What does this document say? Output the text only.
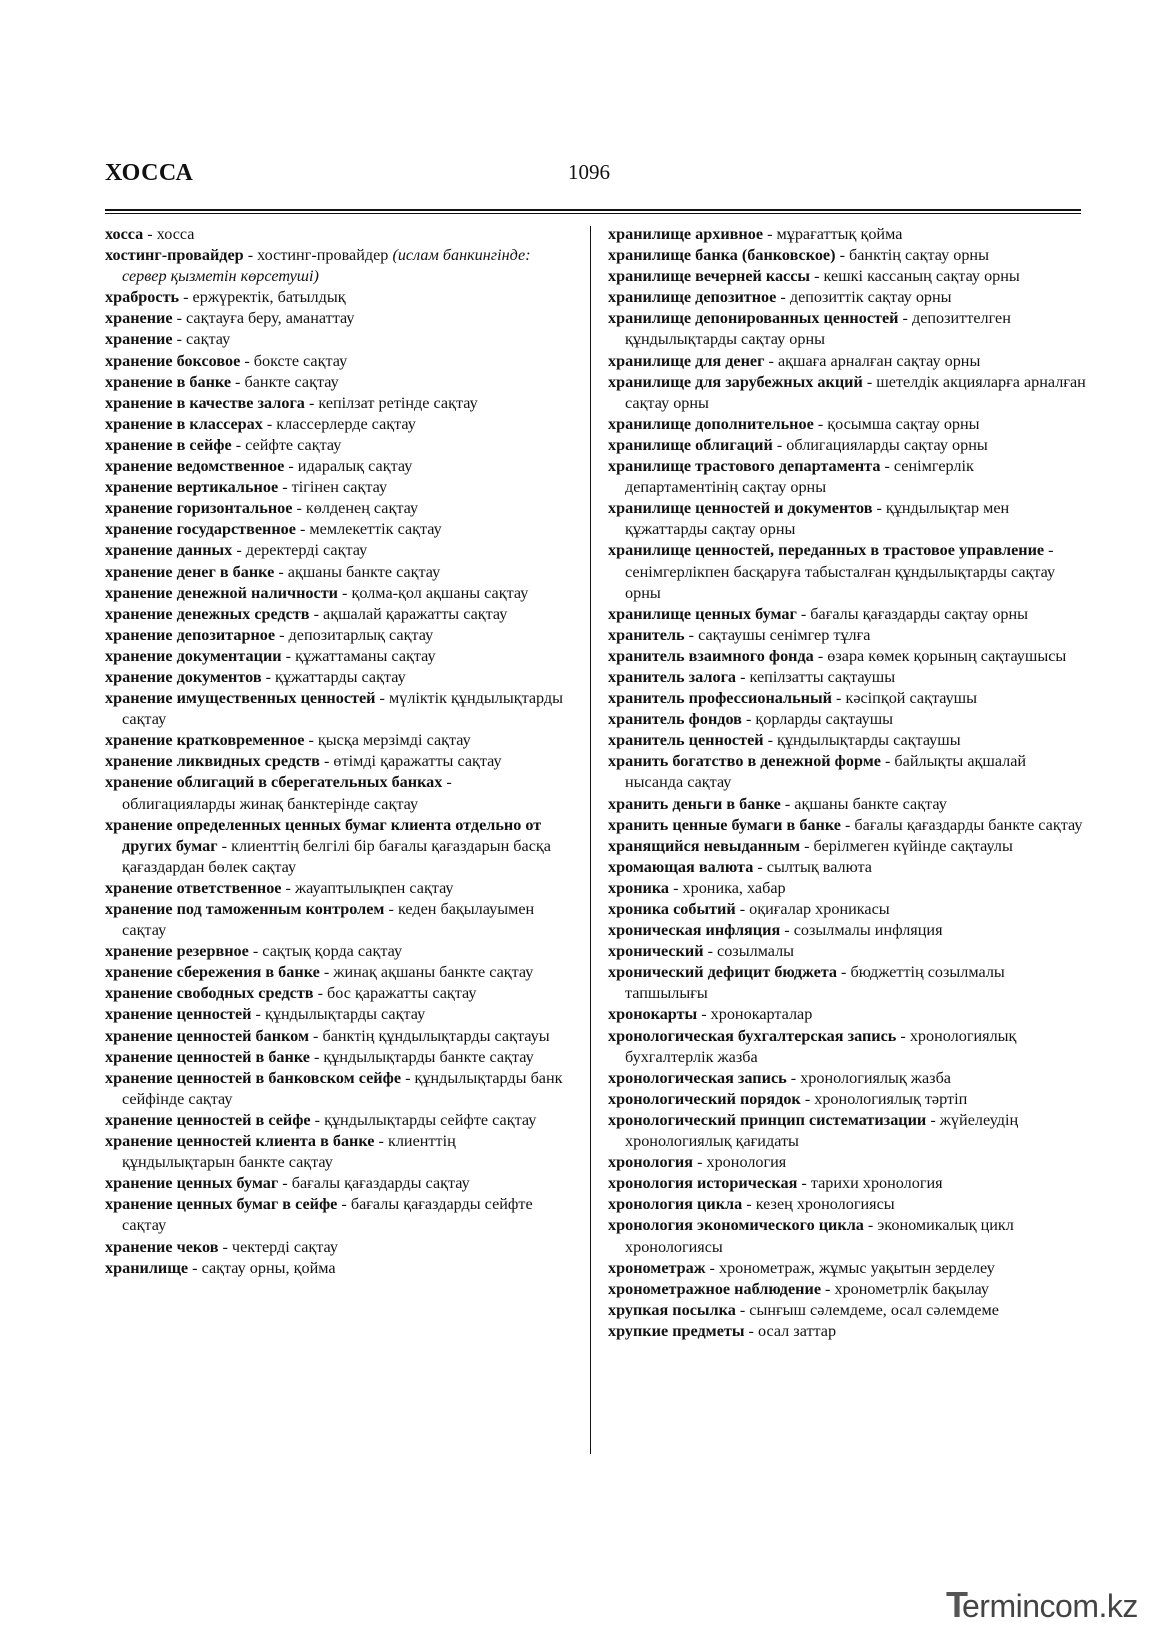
ХОССА	1096

хосса - хосса

хостинг-провайдер - хостинг-провайдер (ислам банкингінде: сервер қызметін көрсетуші)

храбрость - ержүректік, батылдық

хранение - сақтауға беру, аманаттау

хранение - сақтау

хранение боксовое - боксте сақтау

хранение в банке - банкте сақтау

хранение в качестве залога - кепілзат ретінде сақтау

хранение в классерах - классерлерде сақтау

хранение в сейфе - сейфте сақтау

хранение ведомственное - идаралық сақтау

хранение вертикальное - тігінен сақтау

хранение горизонтальное - көлденең сақтау

хранение государственное - мемлекеттік сақтау

хранение данных - деректерді сақтау

хранение денег в банке - ақшаны банкте сақтау

хранение денежной наличности - қолма-қол ақшаны сақтау

хранение денежных средств - ақшалай қаражатты сақтау

хранение депозитарное - депозитарлық сақтау

хранение документации - құжаттаманы сақтау

хранение документов - құжаттарды сақтау

хранение имущественных ценностей - мүліктік құндылықтарды сақтау

хранение кратковременное - қысқа мерзімді сақтау

хранение ликвидных средств - өтімді қаражатты сақтау

хранение облигаций в сберегательных банках - облигацияларды жинақ банктерінде сақтау

хранение определенных ценных бумаг клиента отдельно от других бумаг - клиенттің белгілі бір бағалы қағаздарын басқа қағаздардан бөлек сақтау

хранение ответственное - жауаптылықпен сақтау

хранение под таможенным контролем - кеден бақылауымен сақтау

хранение резервное - сақтық қорда сақтау

хранение сбережения в банке - жинақ ақшаны банкте сақтау

хранение свободных средств - бос қаражатты сақтау

хранение ценностей - құндылықтарды сақтау

хранение ценностей банком - банктің құндылықтарды сақтауы

хранение ценностей в банке - құндылықтарды банкте сақтау

хранение ценностей в банковском сейфе - құндылықтарды банк сейфінде сақтау

хранение ценностей в сейфе - құндылықтарды сейфте сақтау

хранение ценностей клиента в банке - клиенттің құндылықтарын банкте сақтау

хранение ценных бумаг - бағалы қағаздарды сақтау

хранение ценных бумаг в сейфе - бағалы қағаздарды сейфте сақтау

хранение чеков - чектерді сақтау

хранилище - сақтау орны, қойма

хранилище архивное - мұрағаттық қойма

хранилище банка (банковское) - банктің сақтау орны

хранилище вечерней кассы - кешкі кассаның сақтау орны

хранилище депозитное - депозиттік сақтау орны

хранилище депонированных ценностей - депозиттелген құндылықтарды сақтау орны

хранилище для денег - ақшаға арналған сақтау орны

хранилище для зарубежных акций - шетелдік акцияларға арналған сақтау орны

хранилище дополнительное - қосымша сақтау орны

хранилище облигаций - облигацияларды сақтау орны

хранилище трастового департамента - сенімгерлік департаментінің сақтау орны

хранилище ценностей и документов - құндылықтар мен құжаттарды сақтау орны

хранилище ценностей, переданных в трастовое управление - сенімгерлікпен басқаруға табысталған құндылықтарды сақтау орны

хранилище ценных бумаг - бағалы қағаздарды сақтау орны

хранитель - сақтаушы сенімгер тұлға

хранитель взаимного фонда - өзара көмек қорының сақтаушысы

хранитель залога - кепілзатты сақтаушы

хранитель профессиональный - кәсіпқой сақтаушы

хранитель фондов - қорларды сақтаушы

хранитель ценностей - құндылықтарды сақтаушы

хранить богатство в денежной форме - байлықты ақшалай нысанда сақтау

хранить деньги в банке - ақшаны банкте сақтау

хранить ценные бумаги в банке - бағалы қағаздарды банкте сақтау

хранящийся невыданным - берілмеген күйінде сақтаулы

хромающая валюта - сылтық валюта

хроника - хроника, хабар

хроника событий - оқиғалар хроникасы

хроническая инфляция - созылмалы инфляция

хронический - созылмалы

хронический дефицит бюджета - бюджеттің созылмалы тапшылығы

хронокарты - хронокарталар

хронологическая бухгалтерская запись - хронологиялық бухгалтерлік жазба

хронологическая запись - хронологиялық жазба

хронологический порядок - хронологиялық тәртіп

хронологический принцип систематизации - жүйелеудің хронологиялық қағидаты

хронология - хронология

хронология историческая - тарихи хронология

хронология цикла - кезең хронологиясы

хронология экономического цикла - экономикалық цикл хронологиясы

хронометраж - хронометраж, жұмыс уақытын зерделеу

хронометражное наблюдение - хронометрлік бақылау

хрупкая посылка - сынғыш сәлемдеме, осал сәлемдеме

хрупкие предметы - осал заттар

T
ermincom.kz
